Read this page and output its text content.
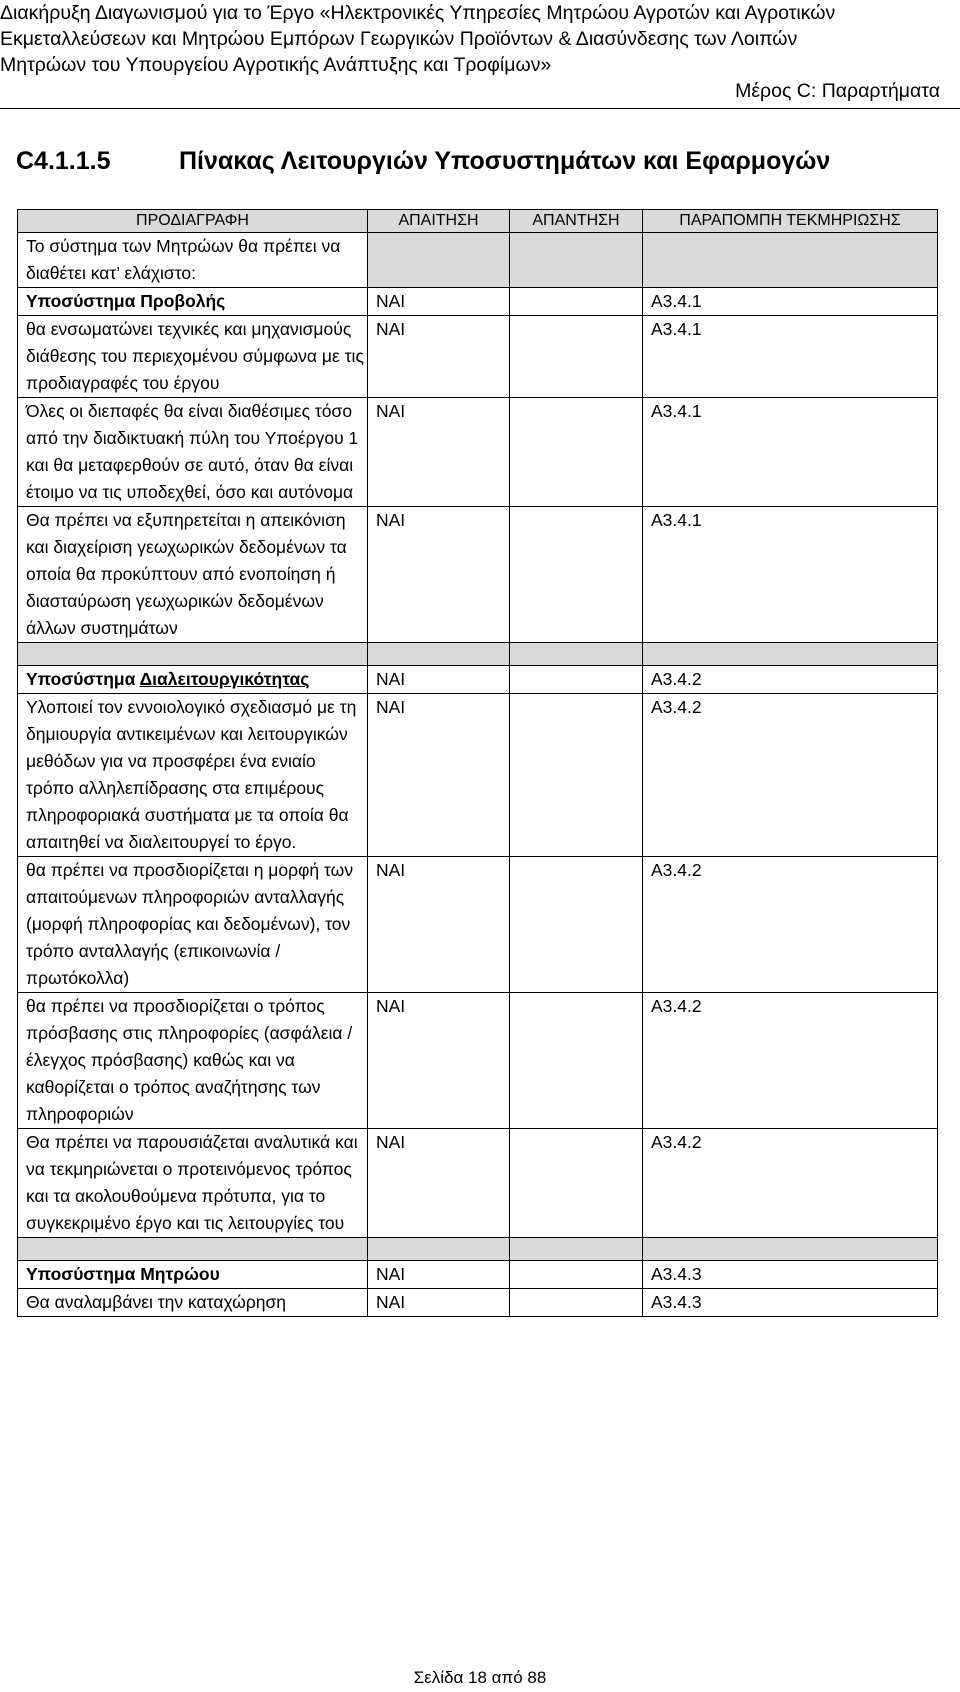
Διακήρυξη Διαγωνισμού για το Έργο «Ηλεκτρονικές Υπηρεσίες Μητρώου Αγροτών και Αγροτικών
Εκμεταλλεύσεων και Μητρώου Εμπόρων Γεωργικών Προϊόντων & Διασύνδεσης των Λοιπών
Μητρώων του Υπουργείου Αγροτικής Ανάπτυξης και Τροφίμων»
Μέρος C: Παραρτήματα
C4.1.1.5	Πίνακας Λειτουργιών Υποσυστημάτων και Εφαρμογών
ΠΡΟΔΙΑΓΡΑΦΗ	ΑΠΑΙΤΗΣΗ	ΑΠΑΝΤΗΣΗ	ΠΑΡΑΠΟΜΠΗ ΤΕΚΜΗΡΙΩΣΗΣ
Το σύστημα των Μητρώων θα πρέπει να διαθέτει κατ’ ελάχιστο:			
Υποσύστημα Προβολής	ΝΑΙ		Α3.4.1
θα ενσωματώνει τεχνικές και μηχανισμούς διάθεσης του περιεχομένου σύμφωνα με τις προδιαγραφές του έργου	ΝΑΙ		Α3.4.1
Όλες οι διεπαφές θα είναι διαθέσιμες τόσο από την διαδικτυακή πύλη του Υποέργου 1 και θα μεταφερθούν σε αυτό, όταν θα είναι έτοιμο να τις υποδεχθεί, όσο και αυτόνομα	ΝΑΙ		Α3.4.1
Θα πρέπει να εξυπηρετείται η απεικόνιση και διαχείριση γεωχωρικών δεδομένων τα οποία θα προκύπτουν από ενοποίηση ή διασταύρωση γεωχωρικών δεδομένων άλλων συστημάτων	ΝΑΙ		Α3.4.1

Υποσύστημα Διαλειτουργικότητας	ΝΑΙ		Α3.4.2
Υλοποιεί τον εννοιολογικό σχεδιασμό με τη δημιουργία αντικειμένων και λειτουργικών μεθόδων για να προσφέρει ένα ενιαίο τρόπο αλληλεπίδρασης στα επιμέρους πληροφοριακά συστήματα με τα οποία θα απαιτηθεί να διαλειτουργεί το έργο.	ΝΑΙ		Α3.4.2
θα πρέπει να προσδιορίζεται η μορφή των απαιτούμενων πληροφοριών ανταλλαγής (μορφή πληροφορίας και δεδομένων), τον τρόπο ανταλλαγής (επικοινωνία / πρωτόκολλα)	ΝΑΙ		Α3.4.2
θα πρέπει να προσδιορίζεται ο τρόπος πρόσβασης στις πληροφορίες (ασφάλεια / έλεγχος πρόσβασης) καθώς και να καθορίζεται ο τρόπος αναζήτησης των πληροφοριών	ΝΑΙ		Α3.4.2
Θα πρέπει να παρουσιάζεται αναλυτικά και να τεκμηριώνεται ο προτεινόμενος τρόπος και τα ακολουθούμενα πρότυπα, για το συγκεκριμένο έργο και τις λειτουργίες του	ΝΑΙ		Α3.4.2

Υποσύστημα Μητρώου	ΝΑΙ		Α3.4.3
Θα αναλαμβάνει την καταχώρηση	ΝΑΙ		Α3.4.3
Σελίδα 18 από 88
